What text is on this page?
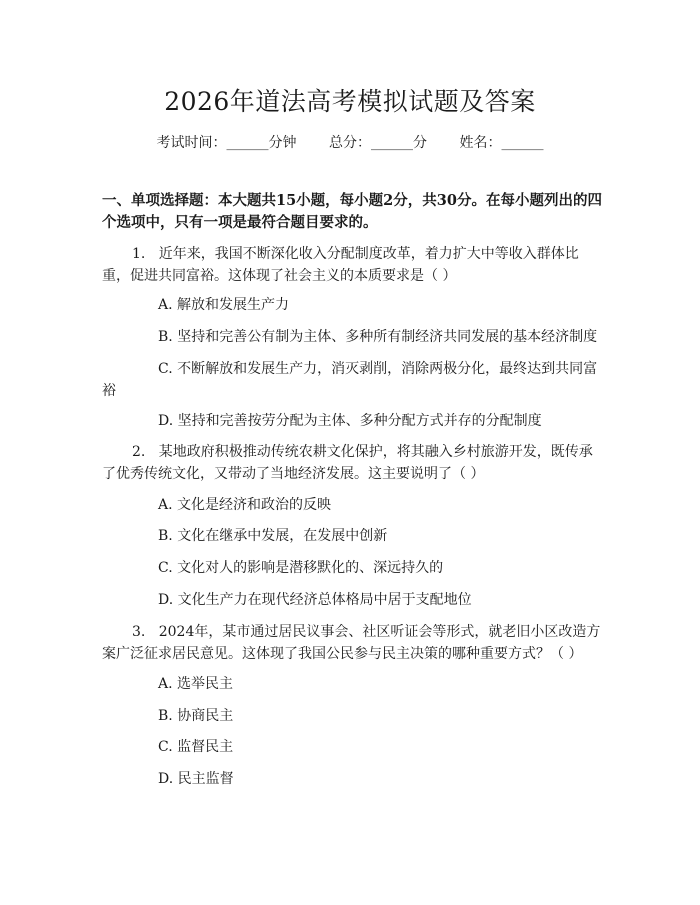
2026年道法高考模拟试题及答案
考试时间：______分钟 总分：______分 姓名：______
一、单项选择题：本大题共15小题，每小题2分，共30分。在每小题列出的四个选项中，只有一项是最符合题目要求的。
1. 近年来，我国不断深化收入分配制度改革，着力扩大中等收入群体比重，促进共同富裕。这体现了社会主义的本质要求是（ ）
A. 解放和发展生产力
B. 坚持和完善公有制为主体、多种所有制经济共同发展的基本经济制度
C. 不断解放和发展生产力，消灭剥削，消除两极分化，最终达到共同富裕
D. 坚持和完善按劳分配为主体、多种分配方式并存的分配制度
2. 某地政府积极推动传统农耕文化保护，将其融入乡村旅游开发，既传承了优秀传统文化，又带动了当地经济发展。这主要说明了（ ）
A. 文化是经济和政治的反映
B. 文化在继承中发展，在发展中创新
C. 文化对人的影响是潜移默化的、深远持久的
D. 文化生产力在现代经济总体格局中居于支配地位
3. 2024年，某市通过居民议事会、社区听证会等形式，就老旧小区改造方案广泛征求居民意见。这体现了我国公民参与民主决策的哪种重要方式？（ ）
A. 选举民主
B. 协商民主
C. 监督民主
D. 民主监督
